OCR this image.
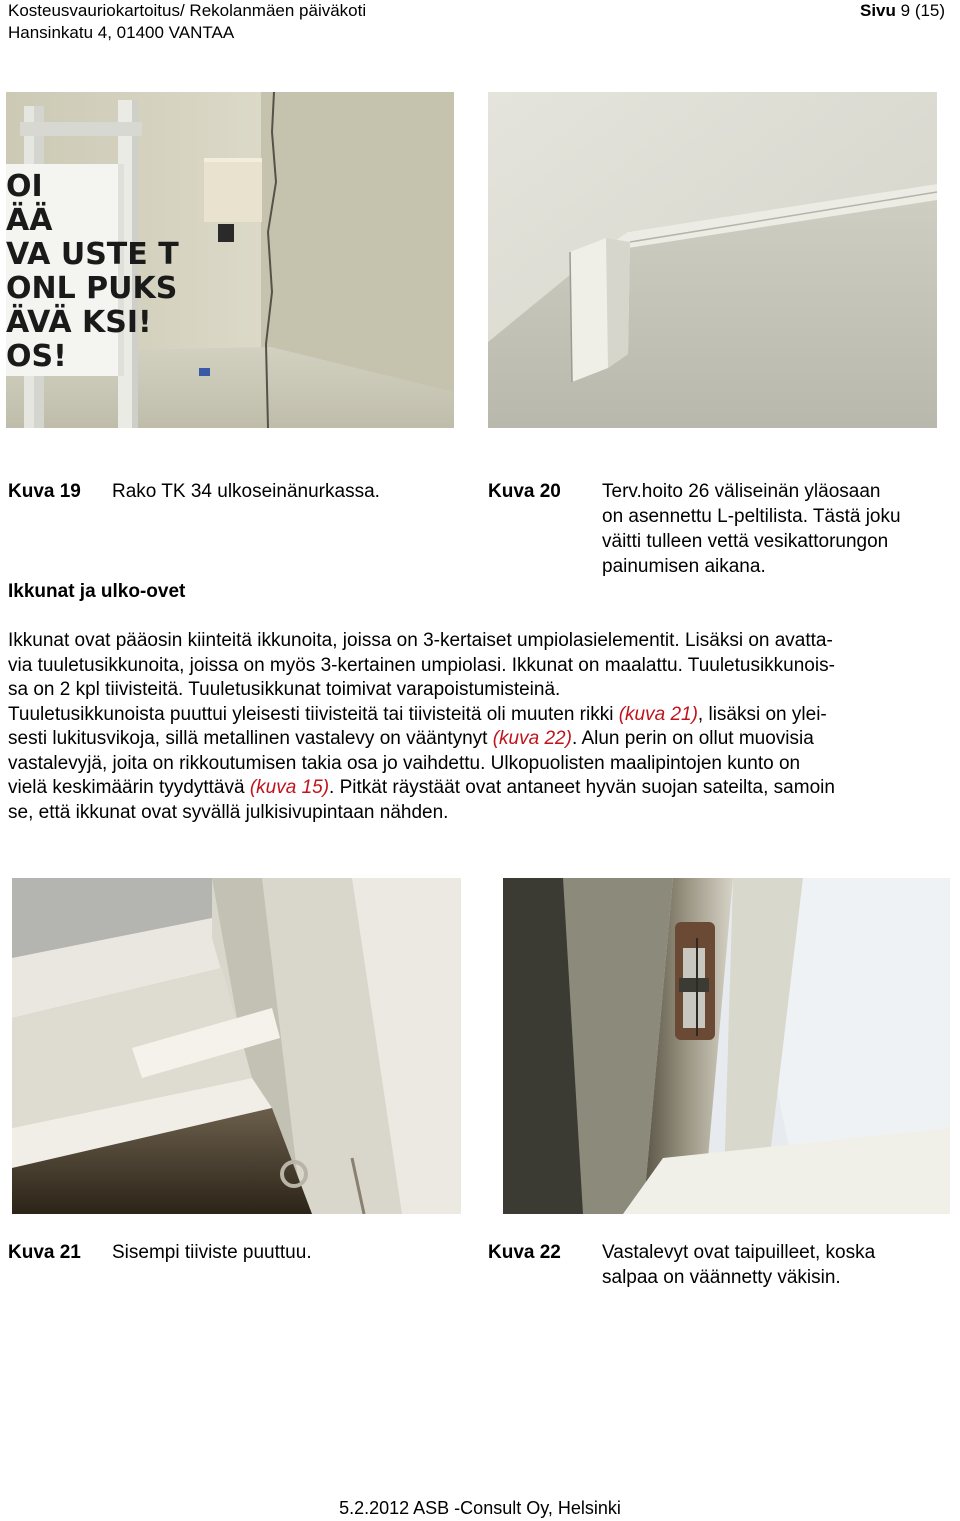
Kosteusvauriokartoitus/ Rekolanmäen päiväkoti
Hansinkatu 4, 01400 VANTAA
Sivu 9 (15)
OI
ÄÄ
VA USTE T
ONL PUKS
ÄVÄ KSI!
OS!
Kuva 19 Rako TK 34 ulkoseinänurkassa.	Kuva 20 Terv.hoito 26 väliseinän yläosaan
on asennettu L-peltilista. Tästä joku
väitti tulleen vettä vesikattorungon
painumisen aikana.
Ikkunat ja ulko-ovet
Ikkunat ovat pääosin kiinteitä ikkunoita, joissa on 3-kertaiset umpiolasielementit. Lisäksi on avatta-
via tuuletusikkunoita, joissa on myös 3-kertainen umpiolasi. Ikkunat on maalattu. Tuuletusikkunois-
sa on 2 kpl tiivisteitä. Tuuletusikkunat toimivat varapoistumisteinä.
Tuuletusikkunoista puuttui yleisesti tiivisteitä tai tiivisteitä oli muuten rikki (kuva 21), lisäksi on ylei-
sesti lukitusvikoja, sillä metallinen vastalevy on vääntynyt (kuva 22). Alun perin on ollut muovisia
vastalevyjä, joita on rikkoutumisen takia osa jo vaihdettu. Ulkopuolisten maalipintojen kunto on
vielä keskimäärin tyydyttävä (kuva 15). Pitkät räystäät ovat antaneet hyvän suojan sateilta, samoin
se, että ikkunat ovat syvällä julkisivupintaan nähden.
Kuva 21 Sisempi tiiviste puuttuu.	Kuva 22 Vastalevyt ovat taipuilleet, koska
salpaa on väännetty väkisin.
5.2.2012 ASB -Consult Oy, Helsinki
